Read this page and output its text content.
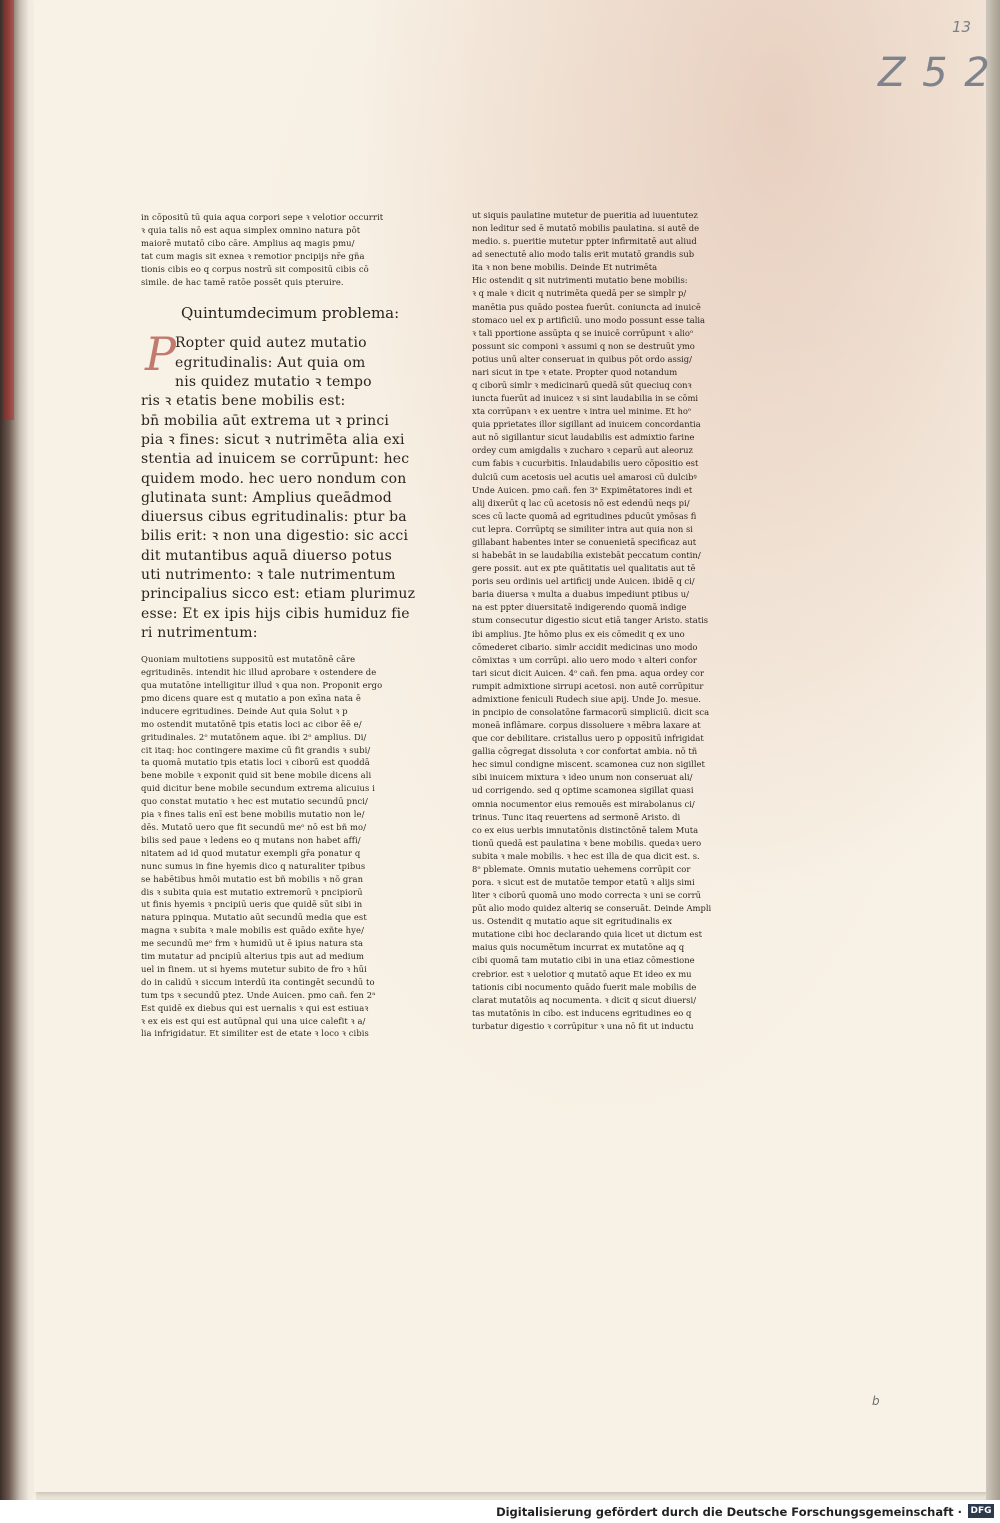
13
Z 5 2
b

in cōpositū tū quia aqua corpori sepe ꝛ velotior occurrit

ꝛ quia talis nō est aqua simplex omnino natura pōt

maiorē mutatō cibo cāre. Amplius aq magis pmu/

tat cum magis sit exnea ꝛ remotior pncipijs nr̄e gña

tionis cibis eo q corpus nostrū sit compositū cibis cō

simile. de hac tamē ratōe possēt quis pteruire.

Quintumdecimum problema:

P Ropter quid autez mutatio

egritudinalis: Aut quia om

nis quidez mutatio ꝛ tempo

ris ꝛ etatis bene mobilis est:

bn̄ mobilia aūt extrema ut ꝛ princi

pia ꝛ fines: sicut ꝛ nutrimēta alia exi

stentia ad inuicem se corrūpunt: hec

quidem modo. hec uero nondum con

glutinata sunt: Amplius queādmod

diuersus cibus egritudinalis: ptur ba

bilis erit: ꝛ non una digestio: sic acci

dit mutantibus aquā diuerso potus

uti nutrimento: ꝛ tale nutrimentum

principalius sicco est: etiam plurimuz

esse: Et ex ipis hijs cibis humiduz fie

ri nutrimentum:

Quoniam multotiens suppositū est mutatōnē cāre

egritudinēs. intendit hic illud aprobare ꝛ ostendere de

qua mutatōne intelligitur illud ꝛ qua non. Proponit ergo

pmo dicens quare est q mutatio a pon exīna nata ē

inducere egritudines. Deinde Aut quia Solut ꝛ p

mo ostendit mutatōnē tpis etatis loci ac cibor ēē e/

gritudinales. 2ᵒ mutatōnem aque. ibi 2ᵒ amplius. Di/

cit itaq: hoc contingere maxime cū fit grandis ꝛ subi/

ta quomā mutatio tpis etatis loci ꝛ ciborū est quoddā

bene mobile ꝛ exponit quid sit bene mobile dicens ali

quid dicitur bene mobile secundum extrema alicuius i

quo constat mutatio ꝛ hec est mutatio secundū pnci/

pia ꝛ fines talis enī est bene mobilis mutatio non le/

dēs. Mutatō uero que fit secundū meᵒ nō est bñ mo/

bilis sed paue ꝛ ledens eo q mutans non habet affi/

nitatem ad id quod mutatur exempli gr̄a ponatur q

nunc sumus in fine hyemis dico q naturaliter tpibus

se habētibus hmōi mutatio est bñ mobilis ꝛ nō gran

dis ꝛ subita quia est mutatio extremorū ꝛ pncipiorū

ut finis hyemis ꝛ pncipiū ueris que quidē sūt sibi in

natura ppinqua. Mutatio aūt secundū media que est

magna ꝛ subita ꝛ male mobilis est quādo exñte hye/

me secundū meᵒ frm ꝛ humidū ut ē ipius natura sta

tim mutatur ad pncipiū alterius tpis aut ad medium

uel in finem. ut si hyems mutetur subito de fro ꝛ hūi

do in calidū ꝛ siccum interdū ita contingēt secundū to

tum tps ꝛ secundū ptez. Unde Auicen. pmo cañ. fen 2ᵃ

Est quidē ex diebus qui est uernalis ꝛ qui est estiuaꝛ

ꝛ ex eis est qui est autūpnal qui una uice calefit ꝛ a/

lia infrigidatur. Et similiter est de etate ꝛ loco ꝛ cibis

ut siquis paulatine mutetur de pueritia ad iuuentutez

non leditur sed ē mutatō mobilis paulatina. si autē de

medio. s. pueritie mutetur ppter infirmitatē aut aliud

ad senectutē alio modo talis erit mutatō grandis sub

ita ꝛ non bene mobilis. Deinde Et nutrimēta

Hic ostendit q sit nutrimenti mutatio bene mobilis:

ꝛ q male ꝛ dicit q nutrimēta quedā per se simplr p/

manētia pus quādo postea fuerūt. coniuncta ad inuicē

stomaco uel ex p artificiū. uno modo possunt esse talia

ꝛ tali pportione assūpta q se inuicē corrūpunt ꝛ alioᵒ

possunt sic componi ꝛ assumi q non se destruūt ymo

potius unū alter conseruat in quibus pōt ordo assig/

nari sicut in tpe ꝛ etate. Propter quod notandum

q ciborū simlr ꝛ medicinarū quedā sūt queciuq conꝛ

iuncta fuerūt ad inuicez ꝛ si sint laudabilia in se cōmi

xta corrūpanꝛ ꝛ ex uentre ꝛ intra uel minime. Et hoᵒ

quia pprietates illor sigillant ad inuicem concordantia

aut nō sigillantur sicut laudabilis est admixtio farine

ordey cum amigdalis ꝛ zucharo ꝛ ceparū aut aleoruz

cum fabis ꝛ cucurbitis. Inlaudabilis uero cōpositio est

dulciū cum acetosis uel acutis uel amarosi cū dulcibꝰ

Unde Auicen. pmo cañ. fen 3ᵃ Expimētatores indi et

alij dixerūt q lac cū acetosis nō est edendū neqs pi/

sces cū lacte quomā ad egritudines pducūt ymōsas fi

cut lepra. Corrūptq se similiter intra aut quia non si

gillabant habentes inter se conuenietā specificaz aut

si habebāt in se laudabilia existebāt peccatum contin/

gere possit. aut ex pte quātitatis uel qualitatis aut tē

poris seu ordinis uel artificij unde Auicen. ibidē q ci/

baria diuersa ꝛ multa a duabus impediunt ptibus u/

na est ppter diuersitatē indigerendo quomā indige

stum consecutur digestio sicut etiā tanger Aristo. statis

ibi amplius. Jte hōmo plus ex eis cōmedit q ex uno

cōmederet cibario. simlr accidit medicinas uno modo

cōmixtas ꝛ um corrūpi. alio uero modo ꝛ alteri confor

tari sicut dicit Auicen. 4ᵒ cañ. fen pma. aqua ordey cor

rumpit admixtione sirrupi acetosi. non autē corrūpitur

admixtione feniculi Rudech siue apij. Unde Jo. mesue.

in pncipio de consolatōne farmacorū simpliciū. dicit sca

moneā inflāmare. corpus dissoluere ꝛ mēbra laxare at

que cor debilitare. cristallus uero p oppositū infrigidat

gallia cōgregat dissoluta ꝛ cor confortat ambia. nō tñ

hec simul condigne miscent. scamonea cuz non sigillet

sibi inuicem mixtura ꝛ ideo unum non conseruat ali/

ud corrigendo. sed q optime scamonea sigillat quasi

omnia nocumentor eius remouēs est mirabolanus ci/

trinus. Tunc itaq reuertens ad sermonē Aristo. di

co ex eius uerbis imnutatōnis distinctōnē talem Muta

tionū quedā est paulatina ꝛ bene mobilis. quedaꝛ uero

subita ꝛ male mobilis. ꝛ hec est illa de qua dicit est. s.

8ᵒ pblemate. Omnis mutatio uehemens corrūpit cor

pora. ꝛ sicut est de mutatōe tempor etatū ꝛ alijs simi

liter ꝛ ciborū quomā uno modo correcta ꝛ uni se corrū

pūt alio modo quidez alteriq se conseruāt. Deinde Ampli

us. Ostendit q mutatio aque sit egritudinalis ex

mutatione cibi hoc declarando quia licet ut dictum est

maius quis nocumētum incurrat ex mutatōne aq q

cibi quomā tam mutatio cibi in una etiaz cōmestione

crebrior. est ꝛ uelotior q mutatō aque Et ideo ex mu

tationis cibi nocumento quādo fuerit male mobilis de

clarat mutatōis aq nocumenta. ꝛ dicit q sicut diuersi/

tas mutatōnis in cibo. est inducens egritudines eo q

turbatur digestio ꝛ corrūpitur ꝛ una nō fit ut inductu

Digitalisierung gefördert durch die Deutsche Forschungsgemeinschaft · DFG
